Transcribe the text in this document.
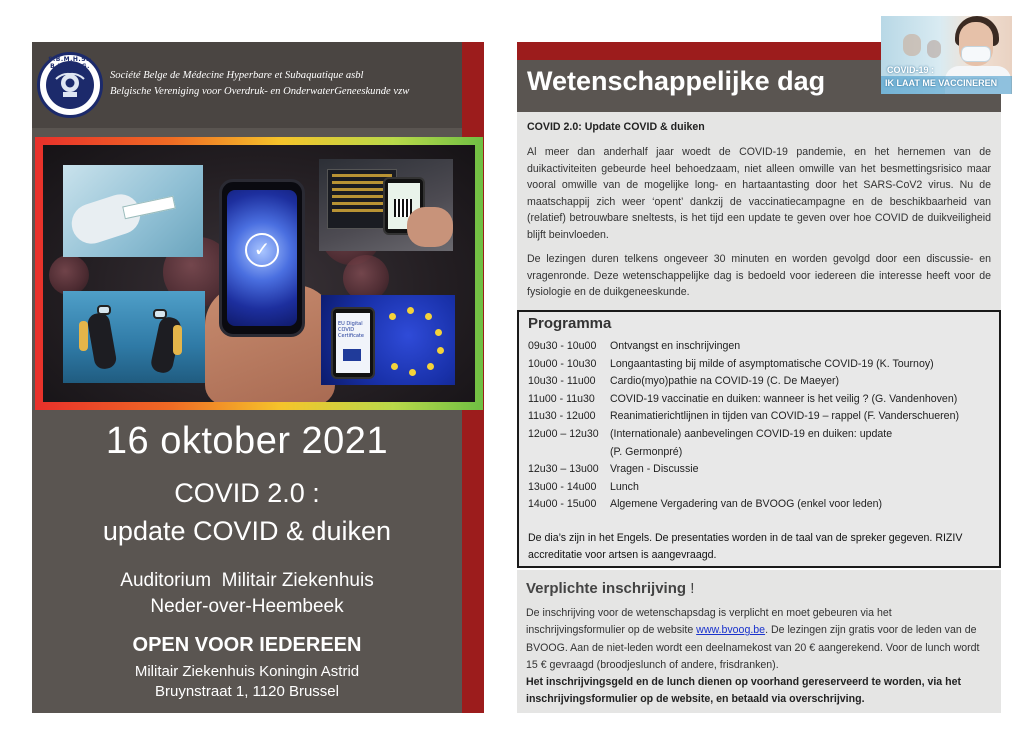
S.B.M.H.S.-B.V.O.O.G.
Société Belge de Médecine Hyperbare et Subaquatique asbl
Belgische Vereniging voor Overdruk- en OnderwaterGeneeskunde vzw
✓
EU Digital COVID Certificate
16 oktober 2021
COVID 2.0 :
update COVID & duiken
Auditorium  Militair Ziekenhuis
Neder-over-Heembeek
OPEN VOOR IEDEREEN
Militair Ziekenhuis Koningin Astrid
Bruynstraat 1, 1120 Brussel
Wetenschappelijke dag	COVID-19 :
IK LAAT ME VACCINEREN
COVID 2.0: Update COVID & duiken
Al meer dan anderhalf jaar woedt de COVID-19 pandemie, en het hernemen van de duikactiviteiten gebeurde heel behoedzaam, niet alleen omwille van het besmettingsrisico maar vooral omwille van de mogelijke long- en hartaantasting door het SARS-CoV2 virus. Nu de maatschappij zich weer ‘opent’ dankzij de vaccinatiecampagne en de beschikbaarheid van (relatief) betrouwbare sneltests, is het tijd een update te geven over hoe COVID de duikveiligheid blijft beinvloeden.
De lezingen duren telkens ongeveer 30 minuten en worden gevolgd door een discussie- en vragenronde. Deze wetenschappelijke dag is bedoeld voor iedereen die interesse heeft voor de fysiologie en de duikgeneeskunde.
Programma
09u30 - 10u00	Ontvangst en inschrijvingen
10u00 - 10u30	Longaantasting bij milde of asymptomatische COVID-19 (K. Tournoy)
10u30 - 11u00	Cardio(myo)pathie na COVID-19 (C. De Maeyer)
11u00 - 11u30	COVID-19 vaccinatie en duiken: wanneer is het veilig ? (G. Vandenhoven)
11u30 - 12u00	Reanimatierichtlijnen in tijden van COVID-19 – rappel (F. Vanderschueren)
12u00 – 12u30	(Internationale) aanbevelingen COVID-19 en duiken: update
(P. Germonpré)
12u30 – 13u00	Vragen - Discussie
13u00 - 14u00	Lunch
14u00 - 15u00	Algemene Vergadering van de BVOOG (enkel voor leden)
De dia’s zijn in het Engels. De presentaties worden in de taal van de spreker gegeven. RIZIV accreditatie voor artsen is aangevraagd.
Verplichte inschrijving !
De inschrijving voor de wetenschapsdag is verplicht en moet gebeuren via het inschrijvingsformulier op de website www.bvoog.be. De lezingen zijn gratis voor de leden van de BVOOG. Aan de niet-leden wordt een deelnamekost van 20 € aangerekend. Voor de lunch wordt 15 € gevraagd (broodjeslunch of andere, frisdranken).
Het inschrijvingsgeld en de lunch dienen op voorhand gereserveerd te worden, via het inschrijvingsformulier op de website, en betaald via overschrijving.
